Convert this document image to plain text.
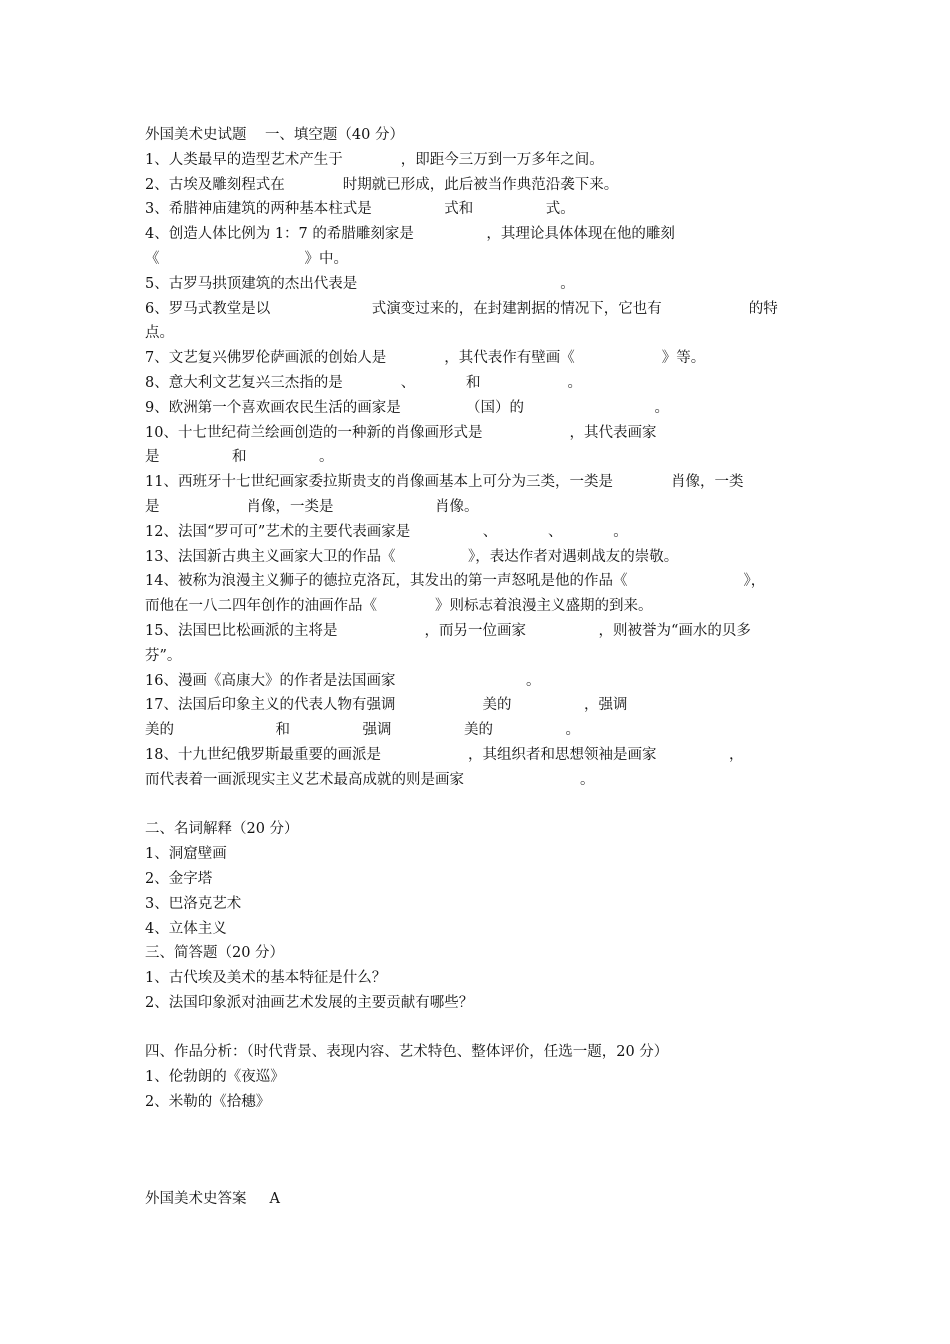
外国美术史试题 一、填空题（40 分）
1、人类最早的造型艺术产生于　　　　，即距今三万到一万多年之间。
2、古埃及雕刻程式在　　　　时期就已形成，此后被当作典范沿袭下来。
3、希腊神庙建筑的两种基本柱式是　　　　　式和　　　　　式。
4、创造人体比例为 1：7 的希腊雕刻家是　　　　　，其理论具体体现在他的雕刻
《　　　　　　　　　　》中。
5、古罗马拱顶建筑的杰出代表是　　　　　　　　　　　　　　。
6、罗马式教堂是以　　　　　　　式演变过来的，在封建割据的情况下，它也有　　　　　　的特
点。
7、文艺复兴佛罗伦萨画派的创始人是　　　　，其代表作有壁画《　　　　　　》等。
8、意大利文艺复兴三杰指的是　　　　、　　　　和　　　　　　。
9、欧洲第一个喜欢画农民生活的画家是　　　　　（国）的　　　　　　　　　。
10、十七世纪荷兰绘画创造的一种新的肖像画形式是　　　　　　，其代表画家
是　　　　　和　　　　　。
11、西班牙十七世纪画家委拉斯贵支的肖像画基本上可分为三类，一类是　　　　肖像，一类
是　　　　　　肖像，一类是　　　　　　　肖像。
12、法国“罗可可”艺术的主要代表画家是　　　　　、　　　　、　　　　。
13、法国新古典主义画家大卫的作品《　　　　　》，表达作者对遇刺战友的崇敬。
14、被称为浪漫主义狮子的德拉克洛瓦，其发出的第一声怒吼是他的作品《　　　　　　　　》，
而他在一八二四年创作的油画作品《　　　　》则标志着浪漫主义盛期的到来。
15、法国巴比松画派的主将是　　　　　　，而另一位画家　　　　　，则被誉为“画水的贝多
芬”。
16、漫画《高康大》的作者是法国画家　　　　　　　　　。
17、法国后印象主义的代表人物有强调　　　　　　美的　　　　　，强调
美的　　　　　　　和　　　　　强调　　　　　美的　　　　　。
18、十九世纪俄罗斯最重要的画派是　　　　　　，其组织者和思想领袖是画家　　　　　，
而代表着一画派现实主义艺术最高成就的则是画家　　　　　　　　。
二、名词解释（20 分）
1、洞窟壁画
2、金字塔
3、巴洛克艺术
4、立体主义
三、简答题（20 分）
1、古代埃及美术的基本特征是什么？
2、法国印象派对油画艺术发展的主要贡献有哪些？
四、作品分析：（时代背景、表现内容、艺术特色、整体评价，任选一题，20 分）
1、伦勃朗的《夜巡》
2、米勒的《拾穗》
外国美术史答案 A
